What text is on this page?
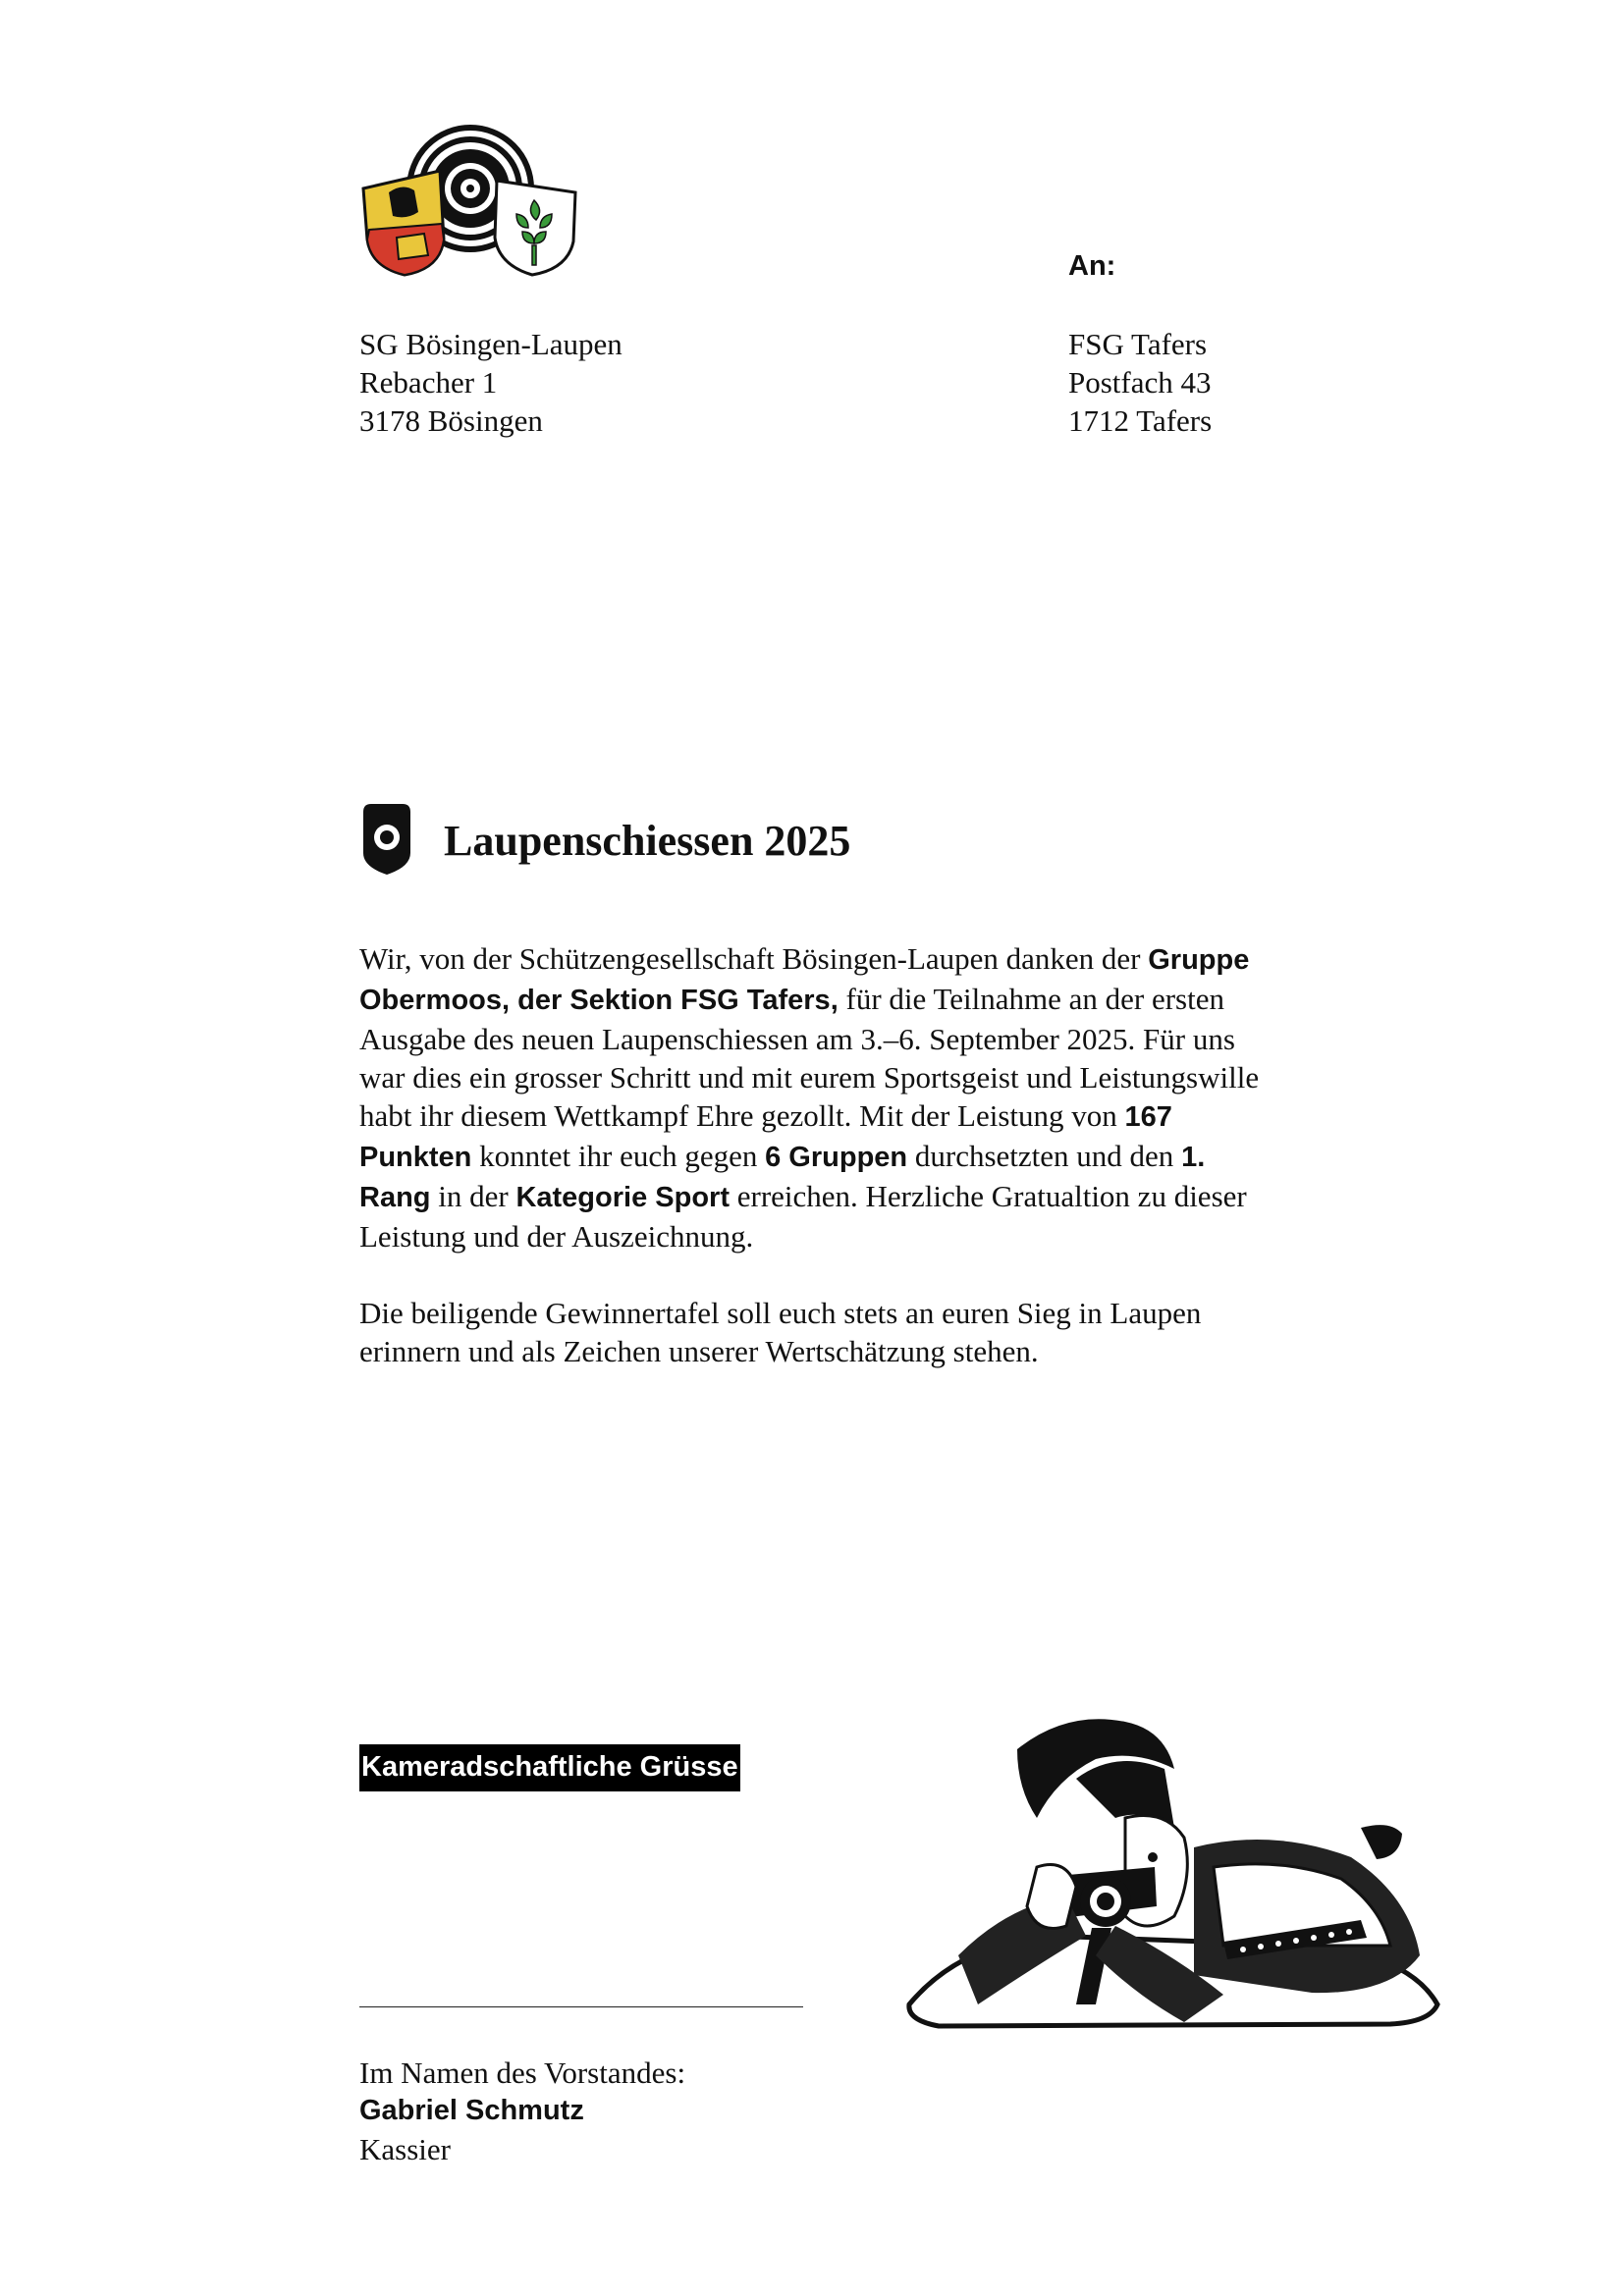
An:
SG Bösingen-Laupen
Rebacher 1
3178 Bösingen
FSG Tafers
Postfach 43
1712 Tafers
Laupenschiessen 2025

Wir, von der Schützengesellschaft Bösingen-Laupen danken der Gruppe Obermoos, der Sektion FSG Tafers, für die Teilnahme an der ersten Ausgabe des neuen Laupenschiessen am 3.–6. September 2025. Für uns war dies ein grosser Schritt und mit eurem Sportsgeist und Leistungswille habt ihr diesem Wettkampf Ehre gezollt. Mit der Leistung von 167 Punkten konntet ihr euch gegen 6 Gruppen durchsetzten und den 1. Rang in der Kategorie Sport erreichen. Herzliche Gratualtion zu dieser Leistung und der Auszeichnung.

Die beiligende Gewinnertafel soll euch stets an euren Sieg in Laupen erinnern und als Zeichen unserer Wertschätzung stehen.

Kameradschaftliche Grüsse
Im Namen des Vorstandes:
Gabriel Schmutz
Kassier
